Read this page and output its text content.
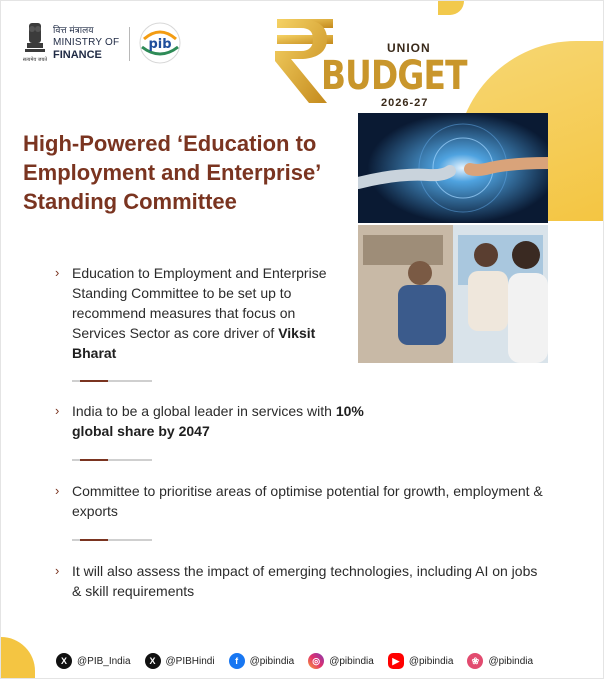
सत्यमेव जयते
वित्त मंत्रालय
MINISTRY OF
FINANCE
pib	UNION
BUDGET
2026-27
High-Powered ‘Education to Employment and Enterprise’ Standing Committee
› Education to Employment and Enterprise Standing Committee to be set up to recommend measures that focus on Services Sector as core driver of Viksit Bharat
› India to be a global leader in services with 10% global share by 2047
› Committee to prioritise areas of optimise potential for growth, employment & exports
› It will also assess the impact of emerging technologies, including AI on jobs & skill requirements
X	@PIB_India	X	@PIBHindi	f	@pibindia	◎ @pibindia	▶ @pibindia	❀ @pibindia
